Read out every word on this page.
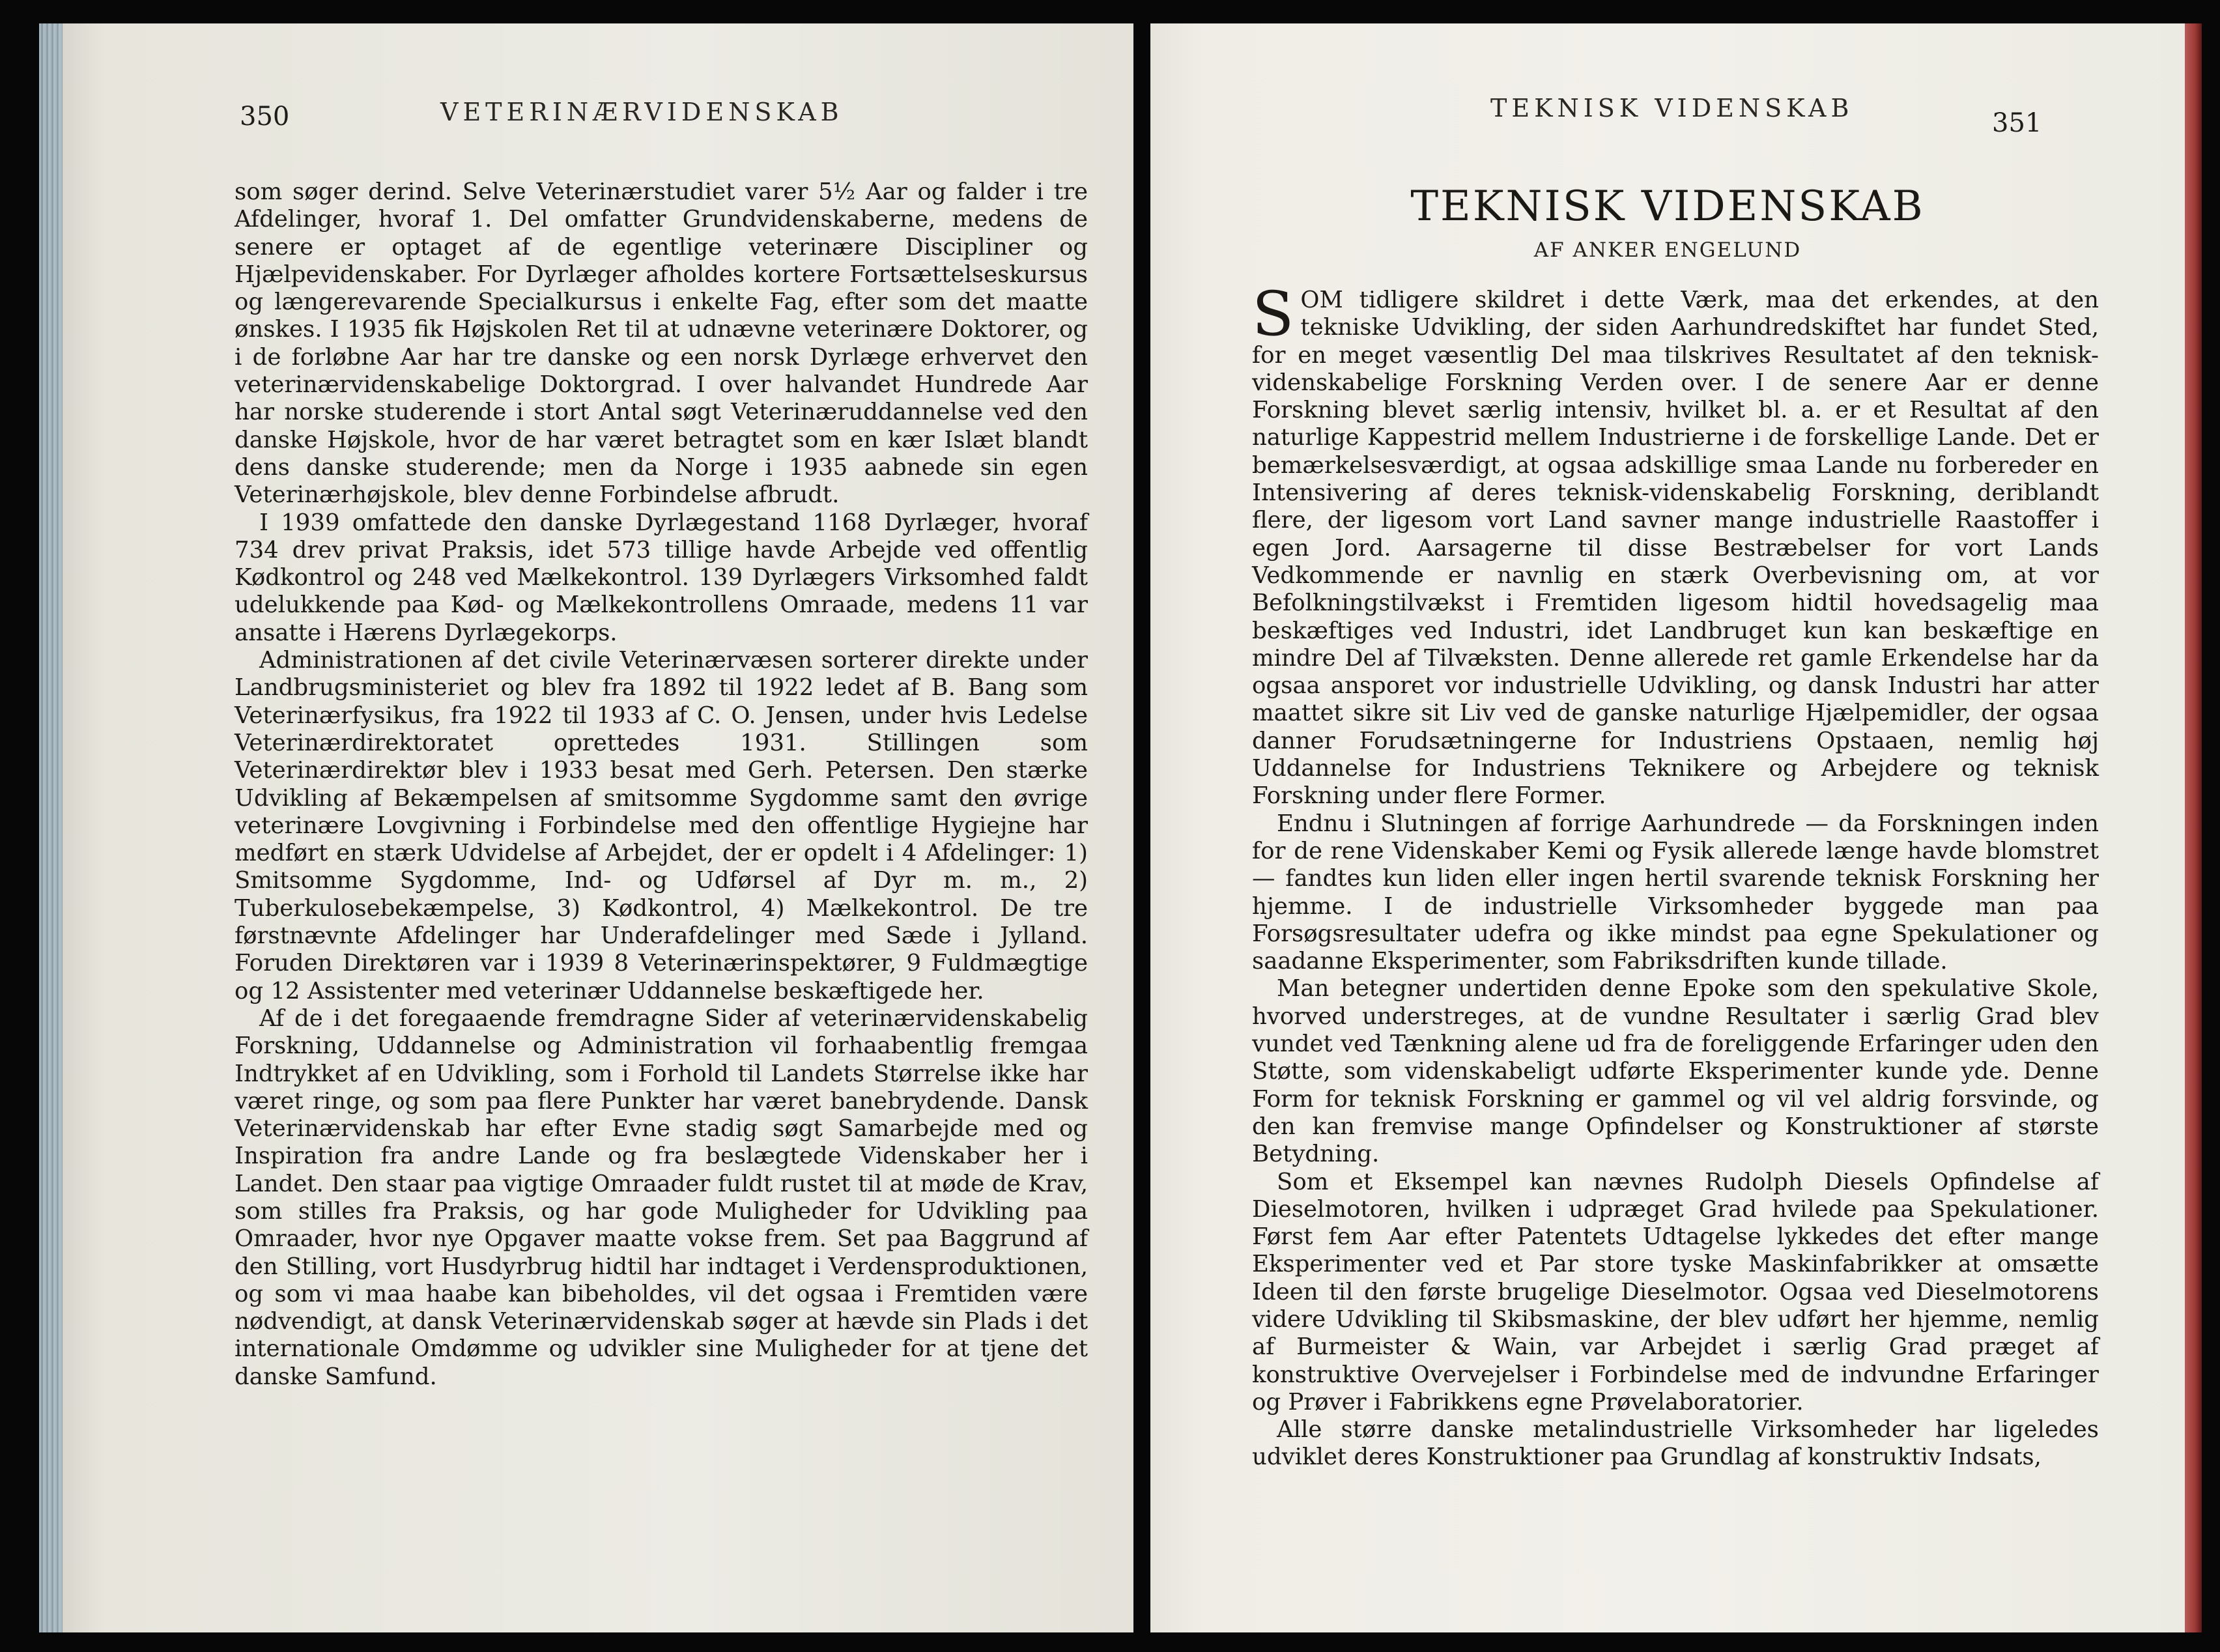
350	VETERINÆRVIDENSKAB

som søger derind. Selve Veterinærstudiet varer 5½ Aar og falder i tre Afdelinger, hvoraf 1. Del omfatter Grundvidenskaberne, medens de senere er optaget af de egentlige veterinære Discipliner og Hjælpevidenskaber. For Dyrlæger afholdes kortere Fortsættelseskursus og længerevarende Specialkursus i enkelte Fag, efter som det maatte ønskes. I 1935 fik Højskolen Ret til at udnævne veterinære Doktorer, og i de forløbne Aar har tre danske og een norsk Dyrlæge erhvervet den veterinærvidenskabelige Doktorgrad. I over halvandet Hundrede Aar har norske studerende i stort Antal søgt Veterinæruddannelse ved den danske Højskole, hvor de har været betragtet som en kær Islæt blandt dens danske studerende; men da Norge i 1935 aabnede sin egen Veterinærhøjskole, blev denne Forbindelse afbrudt.

I 1939 omfattede den danske Dyrlægestand 1168 Dyrlæger, hvoraf 734 drev privat Praksis, idet 573 tillige havde Arbejde ved offentlig Kødkontrol og 248 ved Mælkekontrol. 139 Dyrlægers Virksomhed faldt udelukkende paa Kød- og Mælkekontrollens Omraade, medens 11 var ansatte i Hærens Dyrlægekorps.

Administrationen af det civile Veterinærvæsen sorterer direkte under Landbrugsministeriet og blev fra 1892 til 1922 ledet af B. Bang som Veterinærfysikus, fra 1922 til 1933 af C. O. Jensen, under hvis Ledelse Veterinærdirektoratet oprettedes 1931. Stillingen som Veterinærdirektør blev i 1933 besat med Gerh. Petersen. Den stærke Udvikling af Bekæmpelsen af smitsomme Sygdomme samt den øvrige veterinære Lovgivning i Forbindelse med den offentlige Hygiejne har medført en stærk Udvidelse af Arbejdet, der er opdelt i 4 Afdelinger: 1) Smitsomme Sygdomme, Ind- og Udførsel af Dyr m. m., 2) Tuberkulosebekæmpelse, 3) Kødkontrol, 4) Mælkekontrol. De tre førstnævnte Afdelinger har Underafdelinger med Sæde i Jylland. Foruden Direktøren var i 1939 8 Veterinærinspektører, 9 Fuldmægtige og 12 Assistenter med veterinær Uddannelse beskæftigede her.

Af de i det foregaaende fremdragne Sider af veterinærvidenskabelig Forskning, Uddannelse og Administration vil forhaabentlig fremgaa Indtrykket af en Udvikling, som i Forhold til Landets Størrelse ikke har været ringe, og som paa flere Punkter har været banebrydende. Dansk Veterinærvidenskab har efter Evne stadig søgt Samarbejde med og Inspiration fra andre Lande og fra beslægtede Videnskaber her i Landet. Den staar paa vigtige Omraader fuldt rustet til at møde de Krav, som stilles fra Praksis, og har gode Muligheder for Udvikling paa Omraader, hvor nye Opgaver maatte vokse frem. Set paa Baggrund af den Stilling, vort Husdyrbrug hidtil har indtaget i Verdensproduktionen, og som vi maa haabe kan bibeholdes, vil det ogsaa i Fremtiden være nødvendigt, at dansk Veterinærvidenskab søger at hævde sin Plads i det internationale Omdømme og udvikler sine Muligheder for at tjene det danske Samfund.

TEKNISK VIDENSKAB	351
TEKNISK VIDENSKAB
AF ANKER ENGELUND

SOM tidligere skildret i dette Værk, maa det erkendes, at den tekniske Udvikling, der siden Aarhundredskiftet har fundet Sted, for en meget væsentlig Del maa tilskrives Resultatet af den teknisk-videnskabelige Forskning Verden over. I de senere Aar er denne Forskning blevet særlig intensiv, hvilket bl. a. er et Resultat af den naturlige Kappestrid mellem Industrierne i de forskellige Lande. Det er bemærkelsesværdigt, at ogsaa adskillige smaa Lande nu forbereder en Intensivering af deres teknisk-videnskabelig Forskning, deriblandt flere, der ligesom vort Land savner mange industrielle Raastoffer i egen Jord. Aarsagerne til disse Bestræbelser for vort Lands Vedkommende er navnlig en stærk Overbevisning om, at vor Befolkningstilvækst i Fremtiden ligesom hidtil hovedsagelig maa beskæftiges ved Industri, idet Landbruget kun kan beskæftige en mindre Del af Tilvæksten. Denne allerede ret gamle Erkendelse har da ogsaa ansporet vor industrielle Udvikling, og dansk Industri har atter maattet sikre sit Liv ved de ganske naturlige Hjælpemidler, der ogsaa danner Forudsætningerne for Industriens Opstaaen, nemlig høj Uddannelse for Industriens Teknikere og Arbejdere og teknisk Forskning under flere Former.

Endnu i Slutningen af forrige Aarhundrede — da Forskningen inden for de rene Videnskaber Kemi og Fysik allerede længe havde blomstret — fandtes kun liden eller ingen hertil svarende teknisk Forskning her hjemme. I de industrielle Virksomheder byggede man paa Forsøgsresultater udefra og ikke mindst paa egne Spekulationer og saadanne Eksperimenter, som Fabriksdriften kunde tillade.

Man betegner undertiden denne Epoke som den spekulative Skole, hvorved understreges, at de vundne Resultater i særlig Grad blev vundet ved Tænkning alene ud fra de foreliggende Erfaringer uden den Støtte, som videnskabeligt udførte Eksperimenter kunde yde. Denne Form for teknisk Forskning er gammel og vil vel aldrig forsvinde, og den kan fremvise mange Opfindelser og Konstruktioner af største Betydning.

Som et Eksempel kan nævnes Rudolph Diesels Opfindelse af Dieselmotoren, hvilken i udpræget Grad hvilede paa Spekulationer. Først fem Aar efter Patentets Udtagelse lykkedes det efter mange Eksperimenter ved et Par store tyske Maskinfabrikker at omsætte Ideen til den første brugelige Dieselmotor. Ogsaa ved Dieselmotorens videre Udvikling til Skibsmaskine, der blev udført her hjemme, nemlig af Burmeister & Wain, var Arbejdet i særlig Grad præget af konstruktive Overvejelser i Forbindelse med de indvundne Erfaringer og Prøver i Fabrikkens egne Prøvelaboratorier.

Alle større danske metalindustrielle Virksomheder har ligeledes udviklet deres Konstruktioner paa Grundlag af konstruktiv Indsats,
